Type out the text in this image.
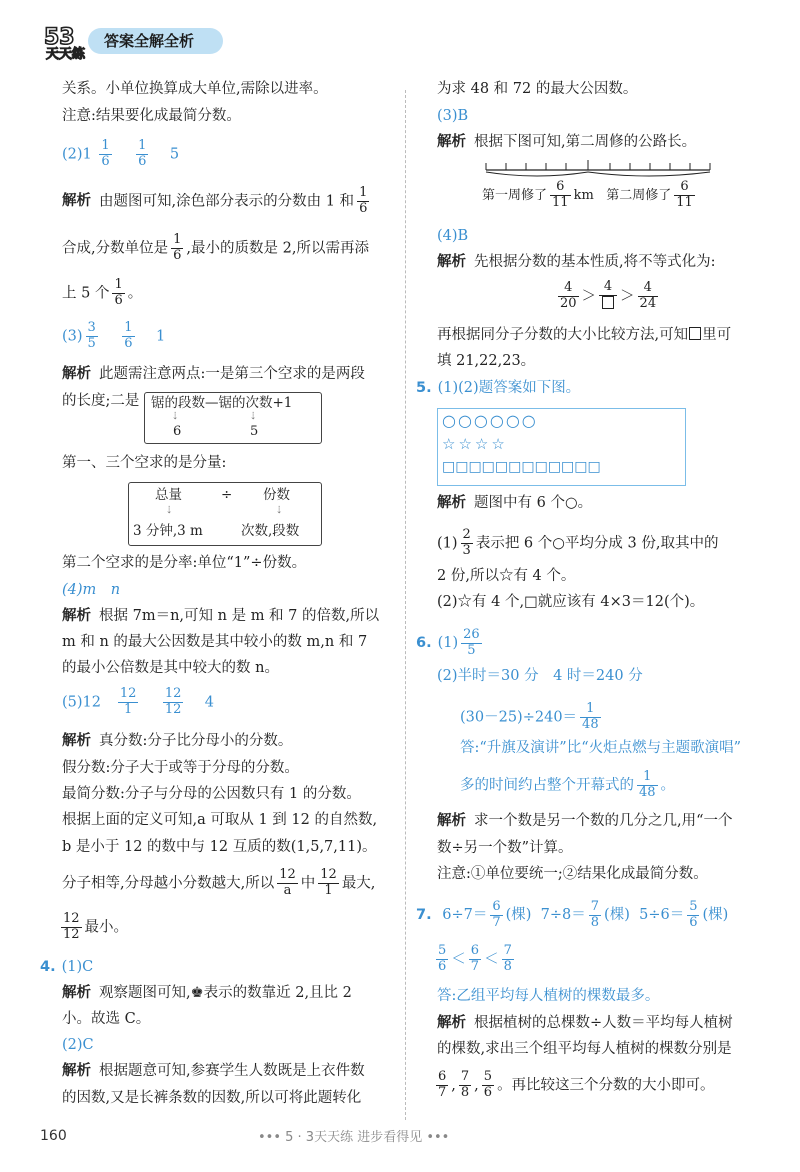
53
天天练
答案全解全析
关系。小单位换算成大单位,需除以进率。
注意:结果要化成最简分数。
$(2)1 \frac{1}{6}$
$\frac{1}{6} 5$
解析 由题图可知,涂色部分表示的分数由 1 和 $\frac{1}{6}$
合成,分数单位是 $\frac{1}{6}$ ,最小的质数是 2,所以需再添
上 5 个 $\frac{1}{6}$ 。
$(3) \frac{3}{5}$
$\frac{1}{6} 1$
解析 此题需注意两点:一是第三个空求的是两段
的长度;二是 锯的段数—锯的次数+1
⇣	⇣
6	5
第一、三个空求的是分量:
总量	÷ 份数
⇣	⇣
3 分钟,3 m	次数,段数
第二个空求的是分率:单位“1”÷份数。
(4)m　n
解析 根据 7m＝n,可知 n 是 m 和 7 的倍数,所以
m 和 n 的最大公因数是其中较小的数 m,n 和 7
的最小公倍数是其中较大的数 n。
$(5)12 \frac{12}{1}$
$\frac{12}{12} 4$
解析 真分数:分子比分母小的分数。
假分数:分子大于或等于分母的分数。
最简分数:分子与分母的公因数只有 1 的分数。
根据上面的定义可知,a 可取从 1 到 12 的自然数,
b 是小于 12 的数中与 12 互质的数(1,5,7,11)。
分子相等,分母越小分数越大,所以 $\frac{12}{a}$ 中 $\frac{12}{1}$ 最大,
$\frac{12}{12}$ 最小。
4. (1)C
解析 观察题图可知,♚表示的数靠近 2,且比 2
小。故选 C。
(2)C
解析 根据题意可知,参赛学生人数既是上衣件数
的因数,又是长裤条数的因数,所以可将此题转化
为求 48 和 72 的最大公因数。
(3)B
解析 根据下图可知,第二周修的公路长。
第一周修了 $\frac{6}{11}$ km 第二周修了 $\frac{6}{11}$
(4)B
解析 先根据分数的基本性质,将不等式化为:
$\frac{4}{20}$ ＞
4
＞ $\frac{4}{24}$
再根据同分子分数的大小比较方法,可知 里可
填 21,22,23。
5. (1)(2)题答案如下图。
○○○○○○
☆☆☆☆
□□□□□□□□□□□□
解析 题图中有 6 个○。
$(1) \frac{2}{3}$ 表示把 6 个○平均分成 3 份,取其中的
2 份,所以☆有 4 个。
(2)☆有 4 个,□就应该有 4×3＝12(个)。
6. $(1) \frac{26}{5}$
(2)半时＝30 分　4 时＝240 分
$(30-25)\div 240= \frac{1}{48}$
答:“升旗及演讲”比“火炬点燃与主题歌演唱”
多的时间约占整个开幕式的 $\frac{1}{48}$ 。
解析 求一个数是另一个数的几分之几,用“一个
数÷另一个数”计算。
注意:①单位要统一;②结果化成最简分数。
7. $6\div 7= \frac{6}{7}$ (棵) $7\div 8= \frac{7}{8}$ (棵) $5\div 6= \frac{5}{6}$ (棵)
$\frac{5}{6} < \frac{6}{7} < \frac{7}{8}$
答:乙组平均每人植树的棵数最多。
解析 根据植树的总棵数÷人数＝平均每人植树
的棵数,求出三个组平均每人植树的棵数分别是
$\frac{6}{7}$ , $\frac{7}{8}$ , $\frac{5}{6}$ 。再比较这三个分数的大小即可。
160	••• 5 · 3天天练 进步看得见 •••
